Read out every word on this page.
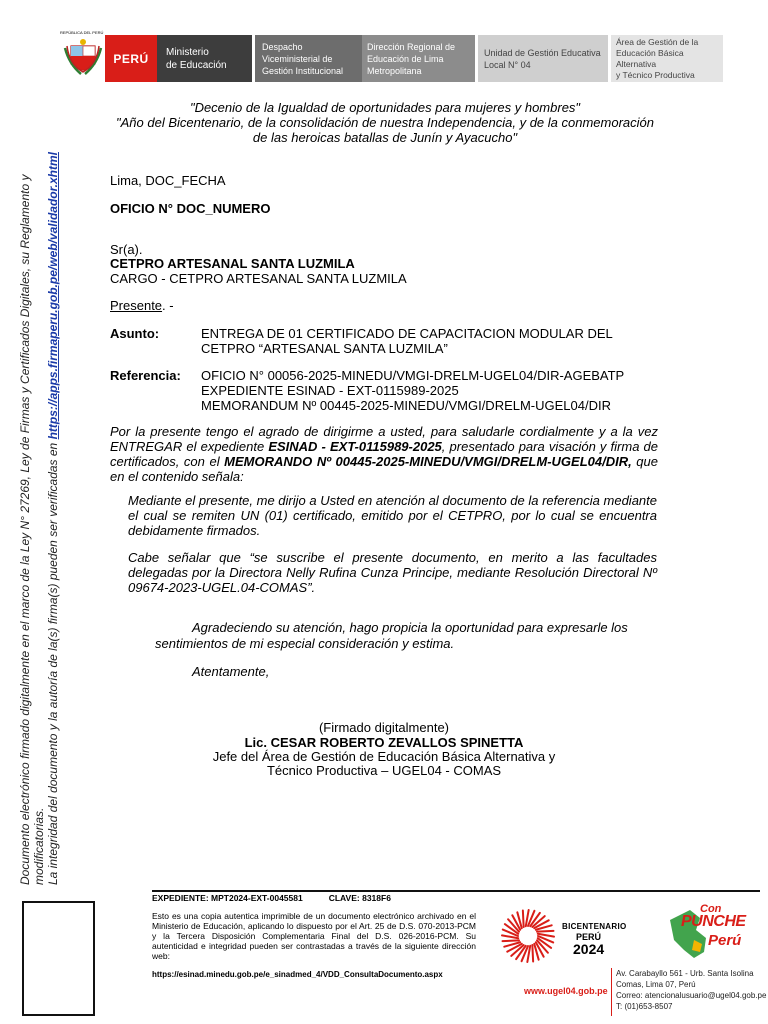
REPÚBLICA DEL PERÚ
PERÚ Ministerio
de Educación
Despacho
Viceministerial de
Gestión Institucional
Dirección Regional de
Educación de Lima
Metropolitana
Unidad de Gestión Educativa
Local N° 04
Área de Gestión de la
Educación Básica Alternativa
y Técnico Productiva
"Decenio de la Igualdad de oportunidades para mujeres y hombres"
"Año del Bicentenario, de la consolidación de nuestra Independencia, y de la conmemoración
de las heroicas batallas de Junín y Ayacucho"
Lima, DOC_FECHA
OFICIO N° DOC_NUMERO
Sr(a).
CETPRO ARTESANAL SANTA LUZMILA
CARGO - CETPRO ARTESANAL SANTA LUZMILA
Presente. -
Asunto:	ENTREGA DE 01 CERTIFICADO DE CAPACITACION MODULAR DEL
CETPRO “ARTESANAL SANTA LUZMILA”
Referencia: OFICIO N° 00056-2025-MINEDU/VMGI-DRELM-UGEL04/DIR-AGEBATP
EXPEDIENTE ESINAD - EXT-0115989-2025
MEMORANDUM Nº 00445-2025-MINEDU/VMGI/DRELM-UGEL04/DIR
Por la presente tengo el agrado de dirigirme a usted, para saludarle cordialmente y a la vez ENTREGAR el expediente ESINAD - EXT-0115989-2025, presentado para visación y firma de certificados, con el MEMORANDO Nº 00445-2025-MINEDU/VMGI/DRELM-UGEL04/DIR, que en el contenido señala:
Mediante el presente, me dirijo a Usted en atención al documento de la referencia mediante el cual se remiten UN (01) certificado, emitido por el CETPRO, por lo cual se encuentra debidamente firmados.
Cabe señalar que “se suscribe el presente documento, en merito a las facultades delegadas por la Directora Nelly Rufina Cunza Principe, mediante Resolución Directoral Nº 09674-2023-UGEL.04-COMAS”.
Agradeciendo su atención, hago propicia la oportunidad para expresarle los
sentimientos de mi especial consideración y estima.
Atentamente,
(Firmado digitalmente)
Lic. CESAR ROBERTO ZEVALLOS SPINETTA
Jefe del Área de Gestión de Educación Básica Alternativa y
Técnico Productiva – UGEL04 - COMAS
Documento electrónico firmado digitalmente en el marco de la Ley N° 27269, Ley de Firmas y Certificados Digitales, su Reglamento y modificatorias. La integridad del documento y la autoría de la(s) firma(s) pueden ser verificadas en https://apps.firmaperu.gob.pe/web/validador.xhtml
EXPEDIENTE: MPT2024-EXT-0045581	CLAVE: 8318F6
Esto es una copia autentica imprimible de un documento electrónico archivado en el Ministerio de Educación, aplicando lo dispuesto por el Art. 25 de D.S. 070-2013-PCM y la Tercera Disposición Complementaria Final del D.S. 026-2016-PCM. Su autenticidad e integridad pueden ser contrastadas a través de la siguiente dirección web:
https://esinad.minedu.gob.pe/e_sinadmed_4/VDD_ConsultaDocumento.aspx
BICENTENARIO
PERÚ
2024
Con
PUNCHE
Perú
www.ugel04.gob.pe
Av. Carabayllo 561 - Urb. Santa Isolina
Comas, Lima 07, Perú
Correo: atencionalusuario@ugel04.gob.pe
T: (01)653-8507
